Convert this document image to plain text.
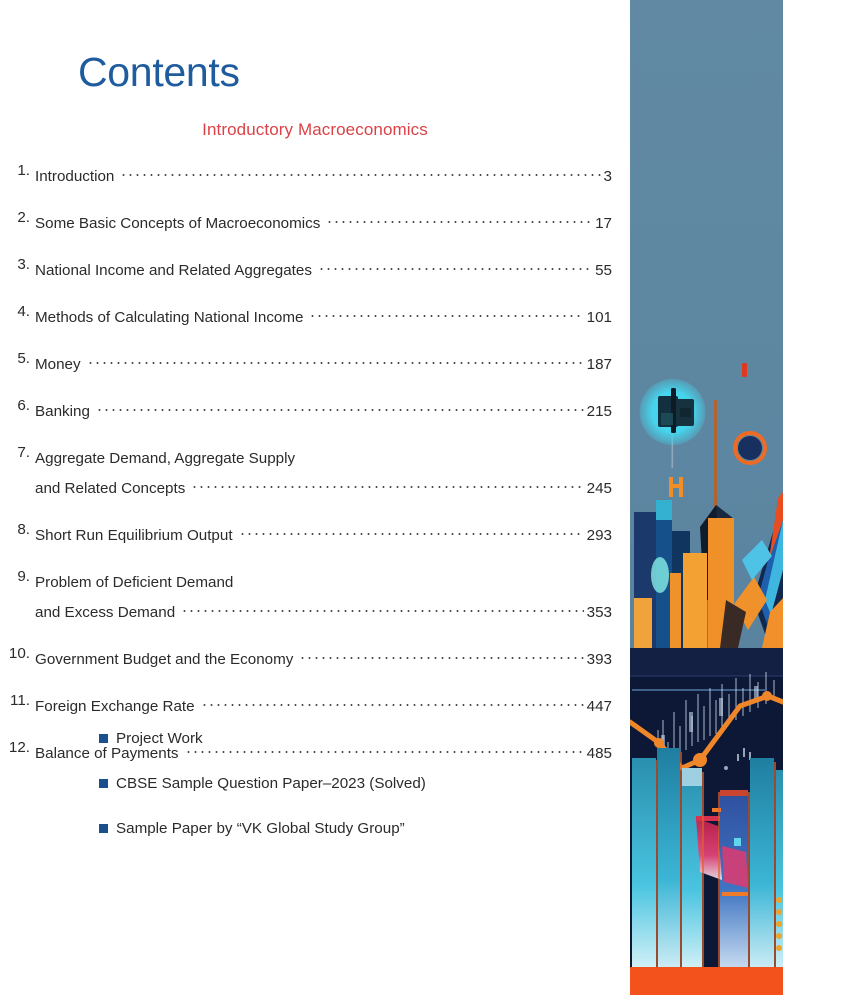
Contents
Introductory Macroeconomics
1. Introduction	3
2. Some Basic Concepts of Macroeconomics	17
3. National Income and Related Aggregates	55
4. Methods of Calculating National Income	101
5. Money	187
6. Banking	215
7. Aggregate Demand, Aggregate Supply
and Related Concepts	245
8. Short Run Equilibrium Output	293
9. Problem of Deficient Demand
and Excess Demand	353
10. Government Budget and the Economy	393
11. Foreign Exchange Rate	447
12. Balance of Payments	485
Project Work
CBSE Sample Question Paper–2023 (Solved)
Sample Paper by “VK Global Study Group”
